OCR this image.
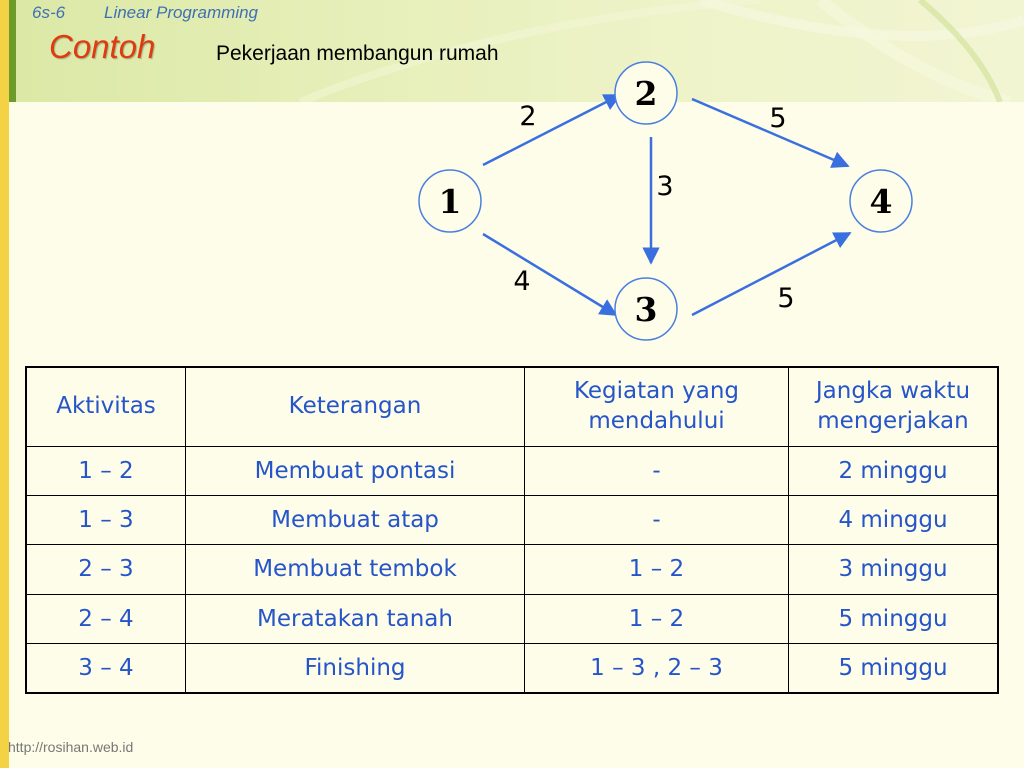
6s-6 Linear Programming
Contoh	Pekerjaan membangun rumah
1
2
3
4
2
4
3
5
5
Aktivitas	Keterangan	Kegiatan yang mendahului	Jangka waktu mengerjakan
1 – 2	Membuat pontasi	-	2 minggu
1 – 3	Membuat atap	-	4 minggu
2 – 3	Membuat tembok	1 – 2	3 minggu
2 – 4	Meratakan tanah	1 – 2	5 minggu
3 – 4	Finishing	1 – 3 , 2 – 3	5 minggu
http://rosihan.web.id
